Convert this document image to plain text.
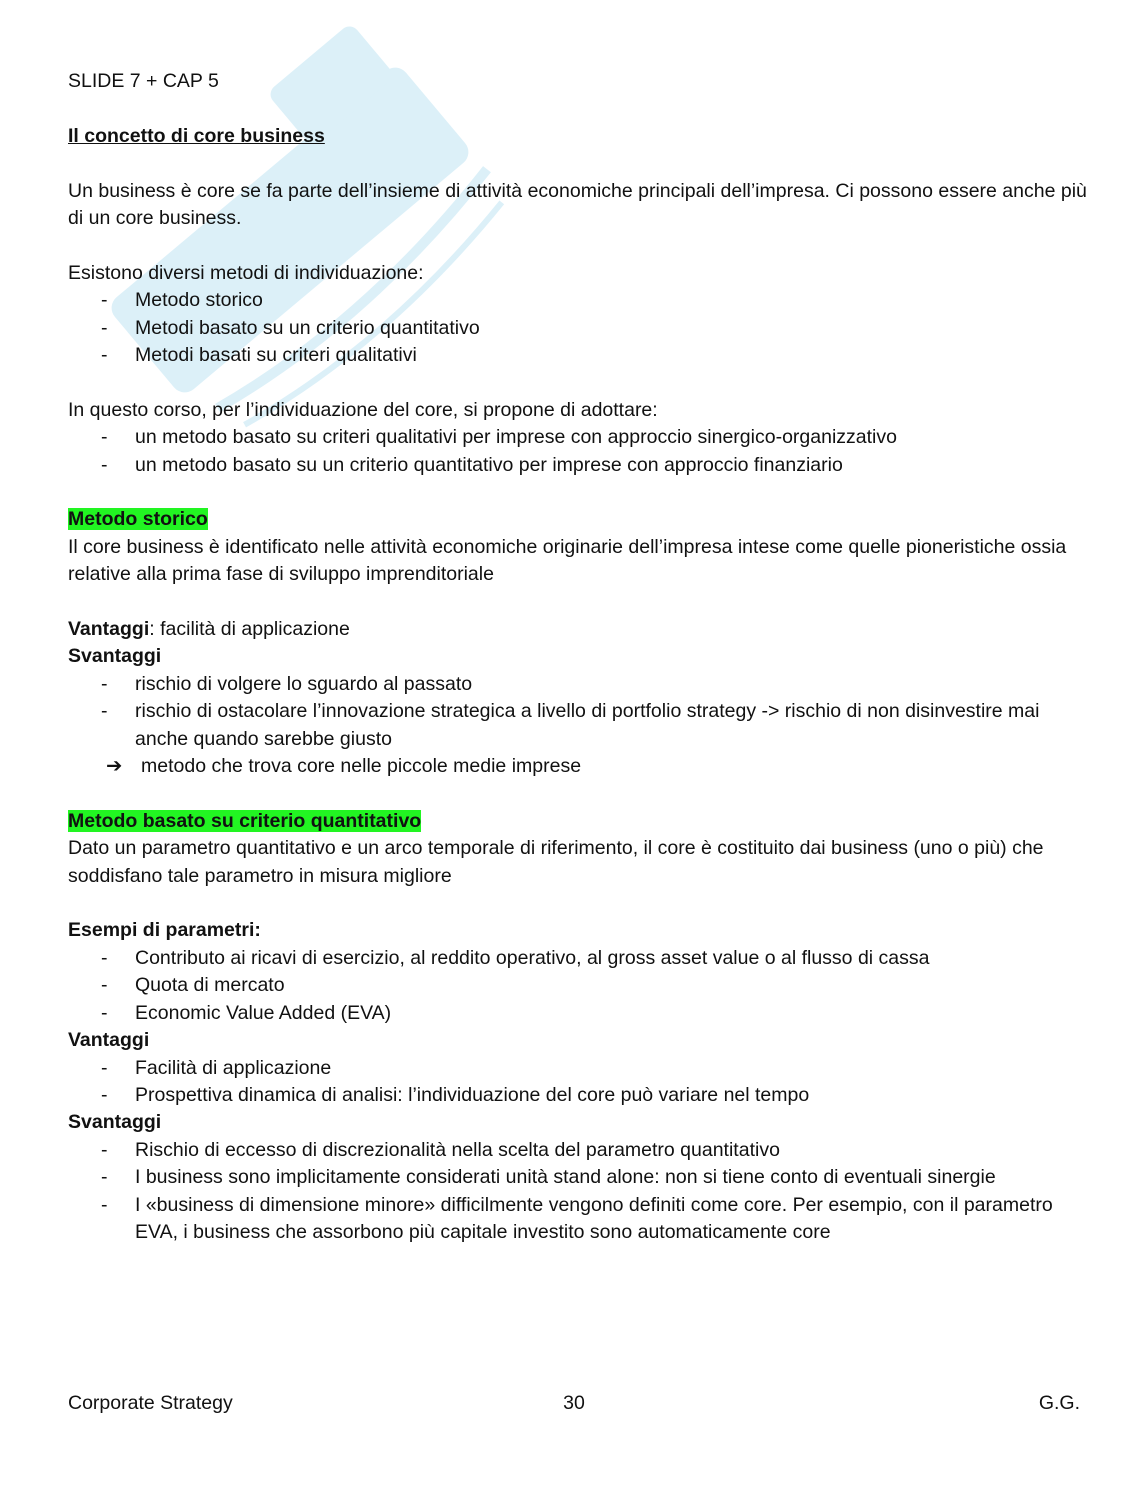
SLIDE 7 + CAP 5

Il concetto di core business

Un business è core se fa parte dell’insieme di attività economiche principali dell’impresa. Ci possono essere anche più di un core business.

Esistono diversi metodi di individuazione:

- Metodo storico
- Metodi basato su un criterio quantitativo
- Metodi basati su criteri qualitativi

In questo corso, per l’individuazione del core, si propone di adottare:

- un metodo basato su criteri qualitativi per imprese con approccio sinergico-organizzativo
- un metodo basato su un criterio quantitativo per imprese con approccio finanziario

Metodo storico

Il core business è identificato nelle attività economiche originarie dell’impresa intese come quelle pioneristiche ossia relative alla prima fase di sviluppo imprenditoriale

Vantaggi: facilità di applicazione

Svantaggi

- rischio di volgere lo sguardo al passato
- rischio di ostacolare l’innovazione strategica a livello di portfolio strategy -> rischio di non disinvestire mai anche quando sarebbe giusto

➔ metodo che trova core nelle piccole medie imprese

Metodo basato su criterio quantitativo

Dato un parametro quantitativo e un arco temporale di riferimento, il core è costituito dai business (uno o più) che soddisfano tale parametro in misura migliore

Esempi di parametri:

- Contributo ai ricavi di esercizio, al reddito operativo, al gross asset value o al flusso di cassa
- Quota di mercato
- Economic Value Added (EVA)

Vantaggi

- Facilità di applicazione
- Prospettiva dinamica di analisi: l’individuazione del core può variare nel tempo

Svantaggi

- Rischio di eccesso di discrezionalità nella scelta del parametro quantitativo
- I business sono implicitamente considerati unità stand alone: non si tiene conto di eventuali sinergie
- I «business di dimensione minore» difficilmente vengono definiti come core. Per esempio, con il parametro EVA, i business che assorbono più capitale investito sono automaticamente core
Corporate Strategy	30	G.G.
